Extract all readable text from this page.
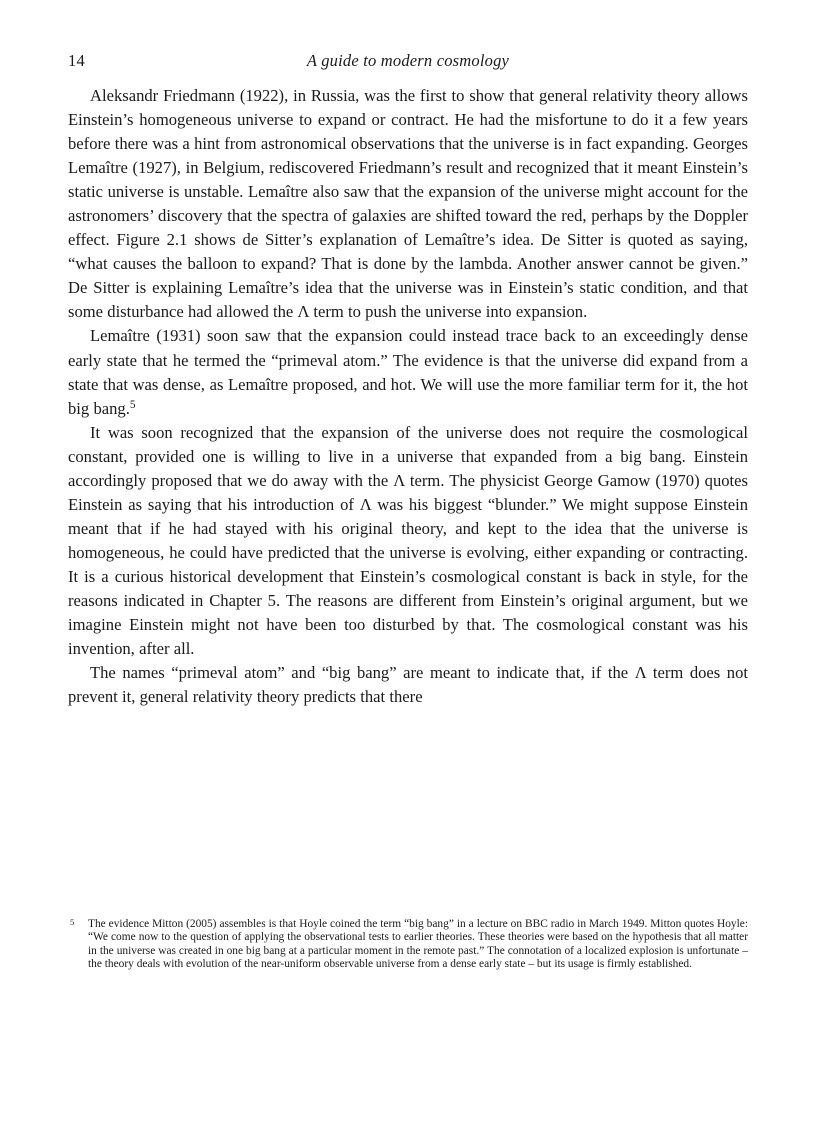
14	A guide to modern cosmology

Aleksandr Friedmann (1922), in Russia, was the first to show that general relativity theory allows Einstein’s homogeneous universe to expand or contract. He had the misfortune to do it a few years before there was a hint from astronomical observations that the universe is in fact expanding. Georges Lemaître (1927), in Belgium, rediscovered Friedmann’s result and recognized that it meant Einstein’s static universe is unstable. Lemaître also saw that the expansion of the universe might account for the astronomers’ discovery that the spectra of galaxies are shifted toward the red, perhaps by the Doppler effect. Figure 2.1 shows de Sitter’s explanation of Lemaître’s idea. De Sitter is quoted as saying, “what causes the balloon to expand? That is done by the lambda. Another answer cannot be given.” De Sitter is explaining Lemaître’s idea that the universe was in Einstein’s static condition, and that some disturbance had allowed the Λ term to push the universe into expansion.

Lemaître (1931) soon saw that the expansion could instead trace back to an exceedingly dense early state that he termed the “primeval atom.” The evidence is that the universe did expand from a state that was dense, as Lemaître proposed, and hot. We will use the more familiar term for it, the hot big bang.$^5$

It was soon recognized that the expansion of the universe does not require the cosmological constant, provided one is willing to live in a universe that expanded from a big bang. Einstein accordingly proposed that we do away with the Λ term. The physicist George Gamow (1970) quotes Einstein as saying that his introduction of Λ was his biggest “blunder.” We might suppose Einstein meant that if he had stayed with his original theory, and kept to the idea that the universe is homogeneous, he could have predicted that the universe is evolving, either expanding or contracting. It is a curious historical development that Einstein’s cosmological constant is back in style, for the reasons indicated in Chapter 5. The reasons are different from Einstein’s original argument, but we imagine Einstein might not have been too disturbed by that. The cosmological constant was his invention, after all.

The names “primeval atom” and “big bang” are meant to indicate that, if the Λ term does not prevent it, general relativity theory predicts that there

5 The evidence Mitton (2005) assembles is that Hoyle coined the term “big bang” in a lecture on BBC radio in March 1949. Mitton quotes Hoyle: “We come now to the question of applying the observational tests to earlier theories. These theories were based on the hypothesis that all matter in the universe was created in one big bang at a particular moment in the remote past.” The connotation of a localized explosion is unfortunate – the theory deals with evolution of the near-uniform observable universe from a dense early state – but its usage is firmly established.
